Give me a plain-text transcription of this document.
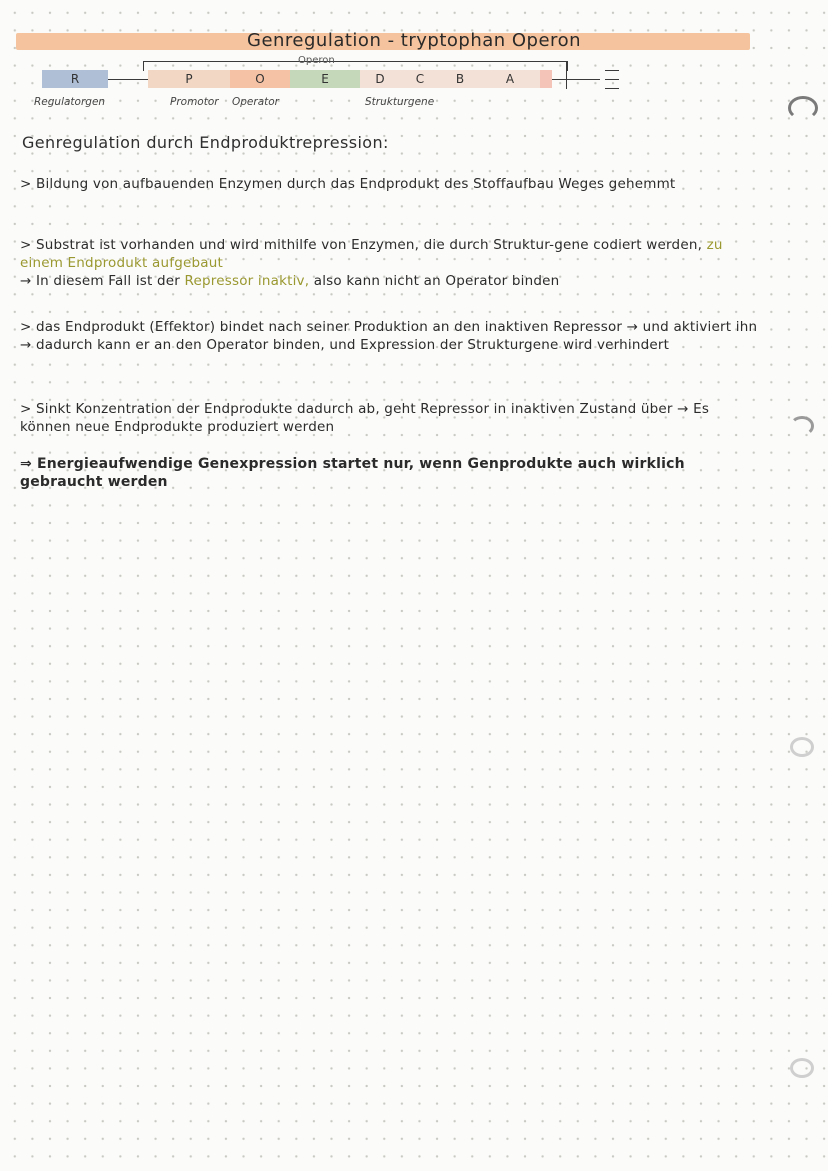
Genregulation - tryptophan Operon
Operon
R	P	O	E	D	C	B	A
Regulatorgen	Promotor Operator	Strukturgene
Genregulation durch Endproduktrepression:
> Bildung von aufbauenden Enzymen durch das Endprodukt des Stoffaufbau Weges gehemmt
> Substrat ist vorhanden und wird mithilfe von Enzymen, die durch Struktur-gene codiert werden, zu einem Endprodukt aufgebaut
→ In diesem Fall ist der Repressor inaktiv, also kann nicht an Operator binden
> das Endprodukt (Effektor) bindet nach seiner Produktion an den inaktiven Repressor → und aktiviert ihn → dadurch kann er an den Operator binden, und Expression der Strukturgene wird verhindert
> Sinkt Konzentration der Endprodukte dadurch ab, geht Repressor in inaktiven Zustand über → Es können neue Endprodukte produziert werden
⇒ Energieaufwendige Genexpression startet nur, wenn Genprodukte auch wirklich gebraucht werden
